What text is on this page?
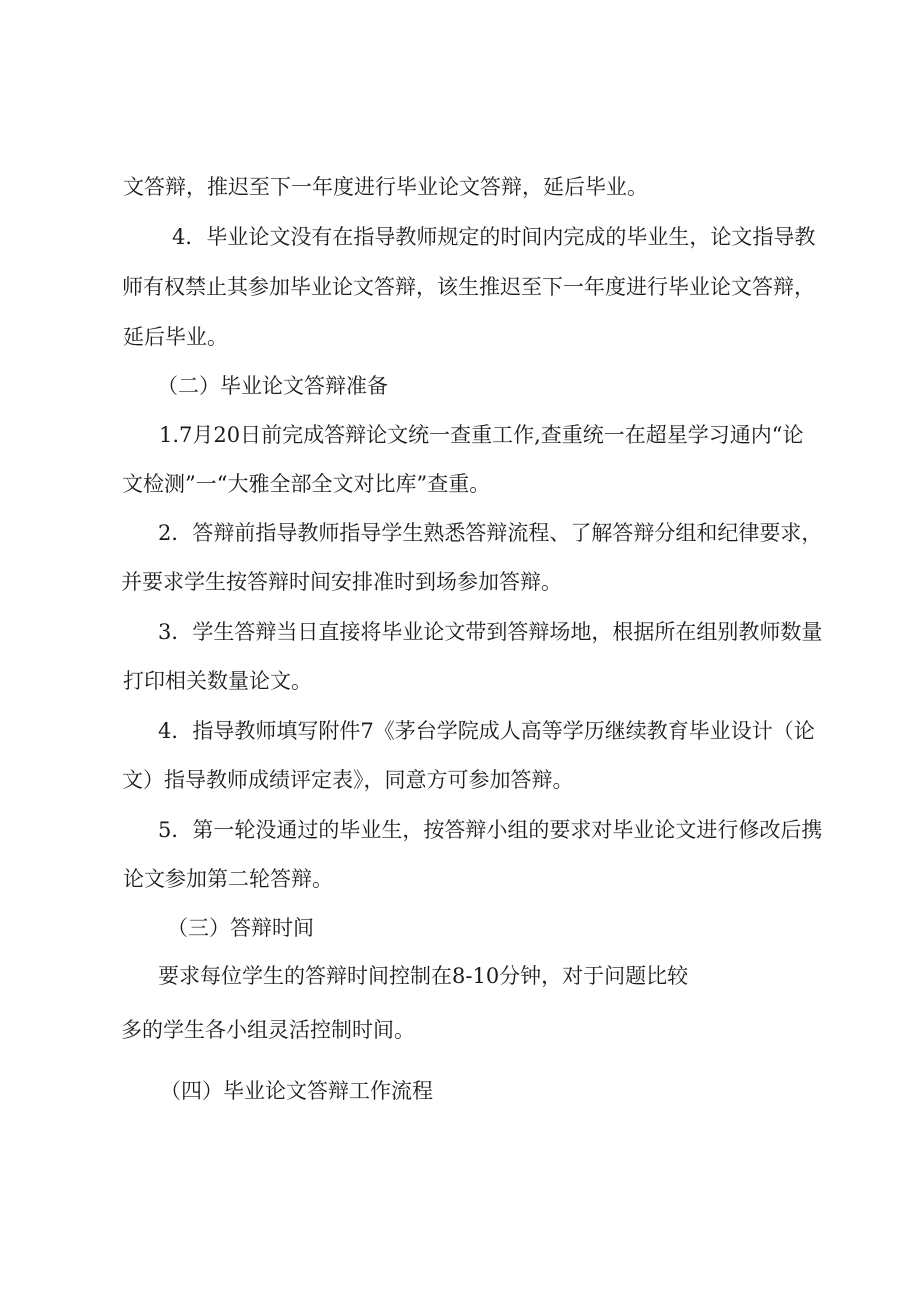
文答辩，推迟至下一年度进行毕业论文答辩，延后毕业。
4．毕业论文没有在指导教师规定的时间内完成的毕业生，论文指导教
师有权禁止其参加毕业论文答辩，该生推迟至下一年度进行毕业论文答辩，
延后毕业。
（二）毕业论文答辩准备
1.7月20日前完成答辩论文统一查重工作,查重统一在超星学习通内“论
文检测”一“大雅全部全文对比库”查重。
2．答辩前指导教师指导学生熟悉答辩流程、了解答辩分组和纪律要求，
并要求学生按答辩时间安排准时到场参加答辩。
3．学生答辩当日直接将毕业论文带到答辩场地，根据所在组别教师数量
打印相关数量论文。
4．指导教师填写附件7《茅台学院成人高等学历继续教育毕业设计（论
文）指导教师成绩评定表》，同意方可参加答辩。
5．第一轮没通过的毕业生，按答辩小组的要求对毕业论文进行修改后携
论文参加第二轮答辩。
（三）答辩时间
要求每位学生的答辩时间控制在8-10分钟，对于问题比较
多的学生各小组灵活控制时间。
（四）毕业论文答辩工作流程
